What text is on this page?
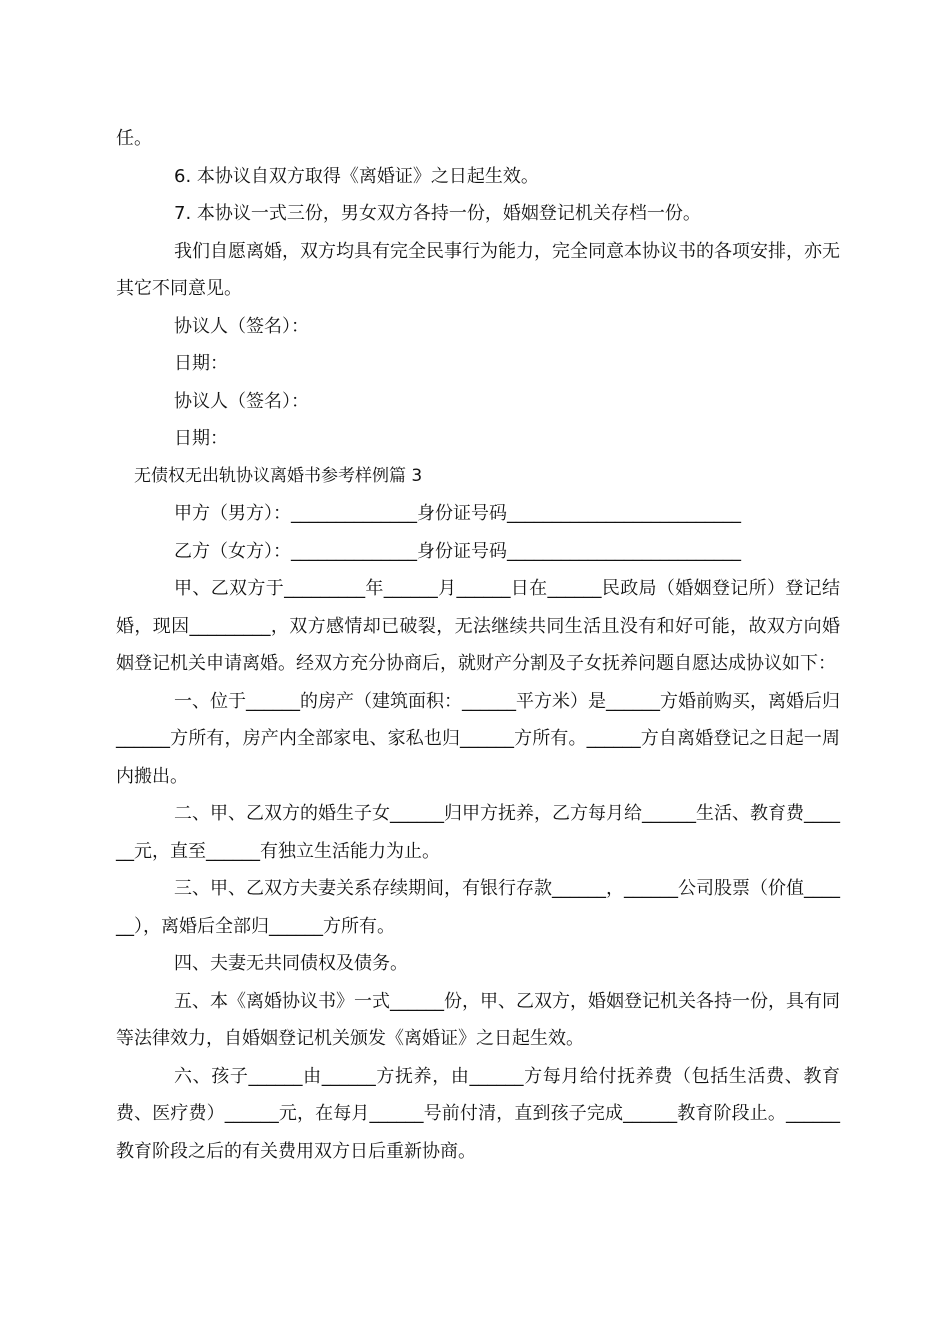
任。

6. 本协议自双方取得《离婚证》之日起生效。

7. 本协议一式三份，男女双方各持一份，婚姻登记机关存档一份。

我们自愿离婚，双方均具有完全民事行为能力，完全同意本协议书的各项安排，亦无其它不同意见。

协议人（签名）：

日期：

协议人（签名）：

日期：

无债权无出轨协议离婚书参考样例篇 3

甲方（男方）：______________身份证号码__________________________

乙方（女方）：______________身份证号码__________________________

甲、乙双方于_________年______月______日在______民政局（婚姻登记所）登记结婚，现因_________，双方感情却已破裂，无法继续共同生活且没有和好可能，故双方向婚姻登记机关申请离婚。经双方充分协商后，就财产分割及子女抚养问题自愿达成协议如下：

一、位于______的房产（建筑面积：______平方米）是______方婚前购买，离婚后归______方所有，房产内全部家电、家私也归______方所有。______方自离婚登记之日起一周内搬出。

二、甲、乙双方的婚生子女______归甲方抚养，乙方每月给______生活、教育费______元，直至______有独立生活能力为止。

三、甲、乙双方夫妻关系存续期间，有银行存款______，______公司股票（价值______），离婚后全部归______方所有。

四、夫妻无共同债权及债务。

五、本《离婚协议书》一式______份，甲、乙双方，婚姻登记机关各持一份，具有同等法律效力，自婚姻登记机关颁发《离婚证》之日起生效。

六、孩子______由______方抚养，由______方每月给付抚养费（包括生活费、教育费、医疗费）______元，在每月______号前付清，直到孩子完成______教育阶段止。______教育阶段之后的有关费用双方日后重新协商。
